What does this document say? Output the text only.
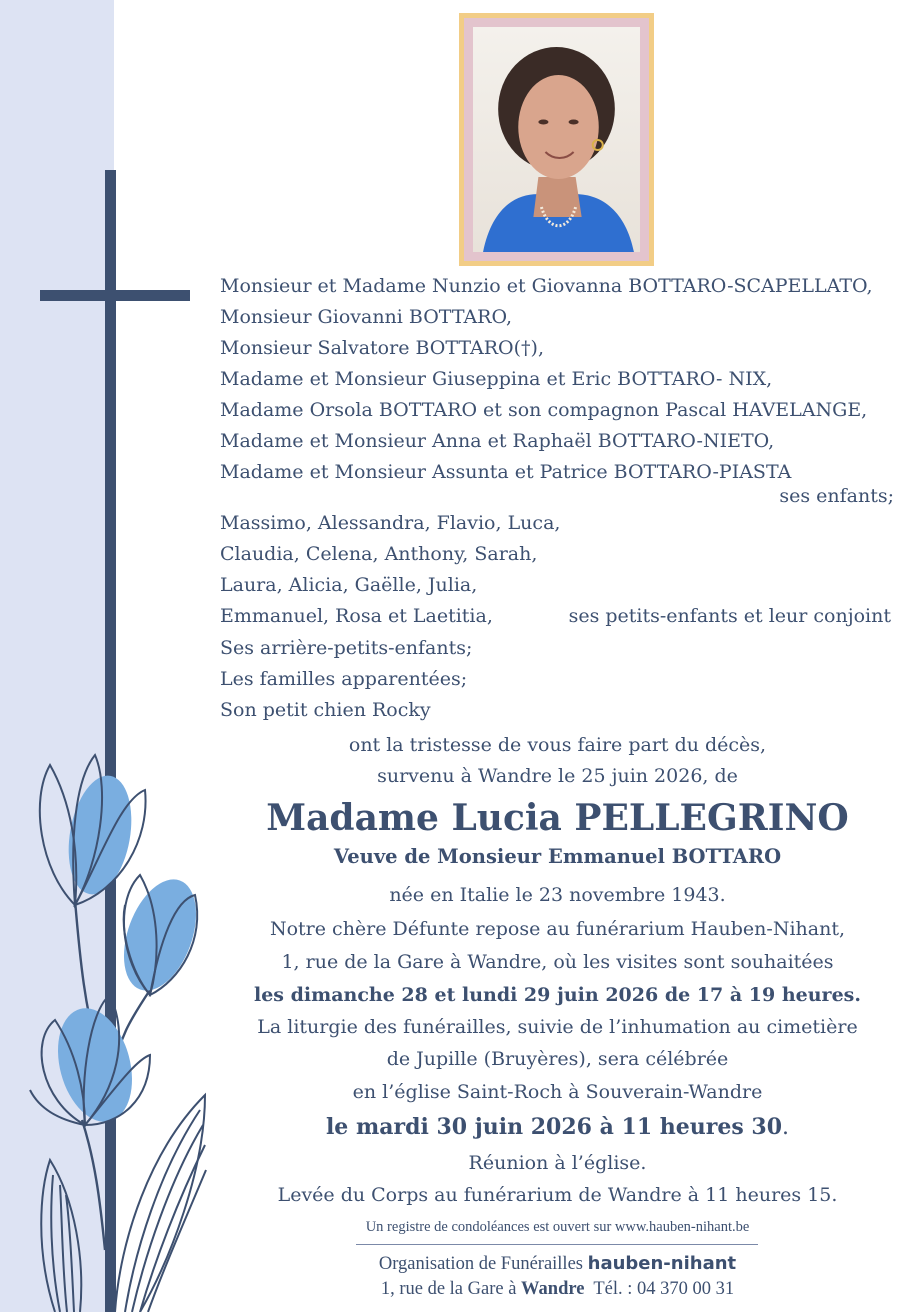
Monsieur et Madame Nunzio et Giovanna BOTTARO-SCAPELLATO,
Monsieur Giovanni BOTTARO,
Monsieur Salvatore BOTTARO(†),
Madame et Monsieur Giuseppina et Eric BOTTARO- NIX,
Madame Orsola BOTTARO et son compagnon Pascal HAVELANGE,
Madame et Monsieur Anna et Raphaël BOTTARO-NIETO,
Madame et Monsieur Assunta et Patrice BOTTARO-PIASTA
ses enfants;
Massimo, Alessandra, Flavio, Luca,
Claudia, Celena, Anthony, Sarah,
Laura, Alicia, Gaëlle, Julia,
Emmanuel, Rosa et Laetitia,	ses petits-enfants et leur conjoint
Ses arrière-petits-enfants;
Les familles apparentées;
Son petit chien Rocky
ont la tristesse de vous faire part du décès,
survenu à Wandre le 25 juin 2026, de
Madame Lucia PELLEGRINO
Veuve de Monsieur Emmanuel BOTTARO
née en Italie le 23 novembre 1943.
Notre chère Défunte repose au funérarium Hauben-Nihant,
1, rue de la Gare à Wandre, où les visites sont souhaitées
les dimanche 28 et lundi 29 juin 2026 de 17 à 19 heures.
La liturgie des funérailles, suivie de l’inhumation au cimetière
de Jupille (Bruyères), sera célébrée
en l’église Saint-Roch à Souverain-Wandre
le mardi 30 juin 2026 à 11 heures 30.
Réunion à l’église.
Levée du Corps au funérarium de Wandre à 11 heures 15.
Un registre de condoléances est ouvert sur www.hauben-nihant.be
Organisation de Funérailles hauben-nihant
1, rue de la Gare à Wandre  Tél. : 04 370 00 31
